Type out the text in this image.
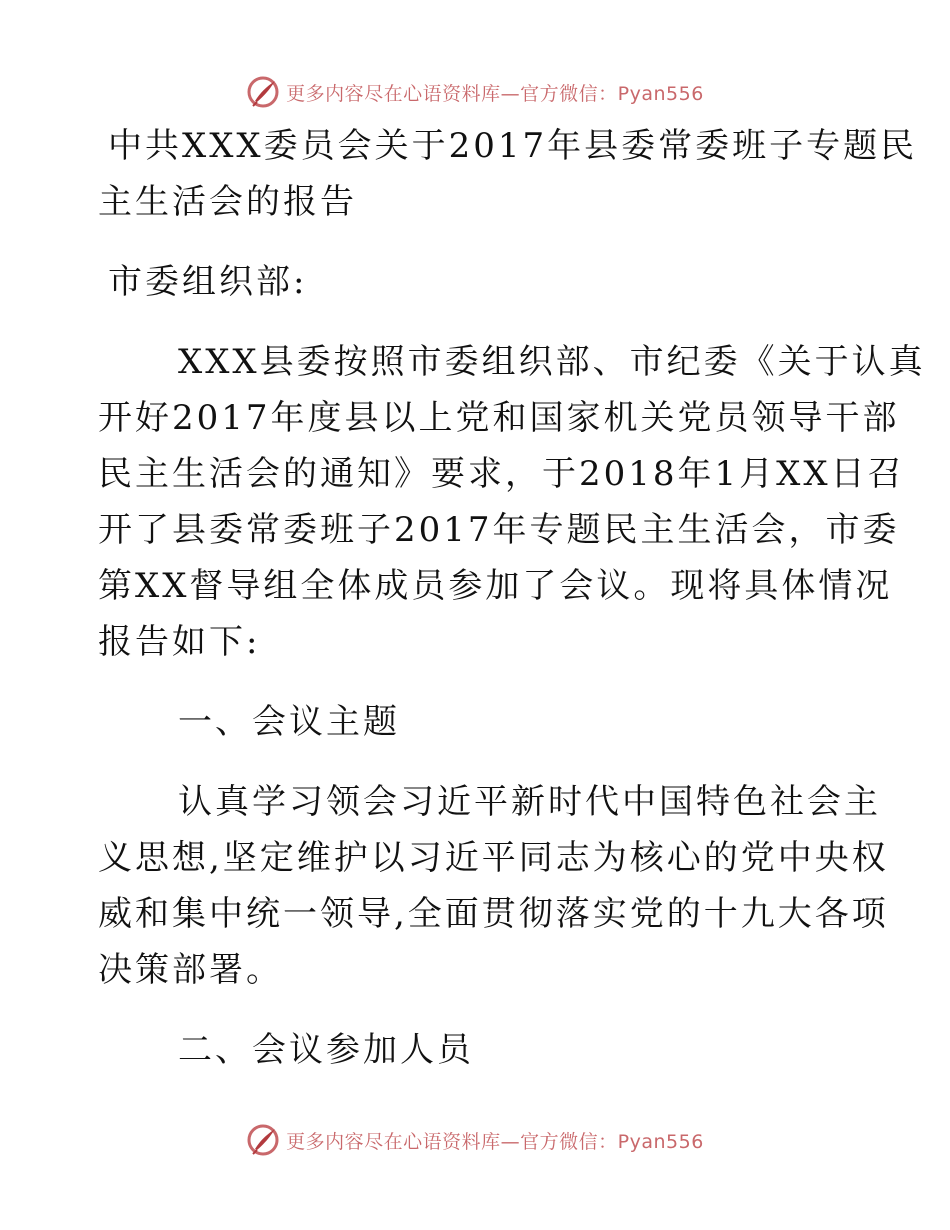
更多内容尽在心语资料库—官方微信：Pyan556

中共XXX委员会关于2017年县委常委班子专题民

主生活会的报告

市委组织部:

XXX县委按照市委组织部、市纪委《关于认真

开好2017年度县以上党和国家机关党员领导干部

民主生活会的通知》要求，于2018年1月XX日召

开了县委常委班子2017年专题民主生活会，市委

第XX督导组全体成员参加了会议。现将具体情况

报告如下:

一、会议主题

认真学习领会习近平新时代中国特色社会主

义思想,坚定维护以习近平同志为核心的党中央权

威和集中统一领导,全面贯彻落实党的十九大各项

决策部署。

二、会议参加人员

更多内容尽在心语资料库—官方微信：Pyan556
